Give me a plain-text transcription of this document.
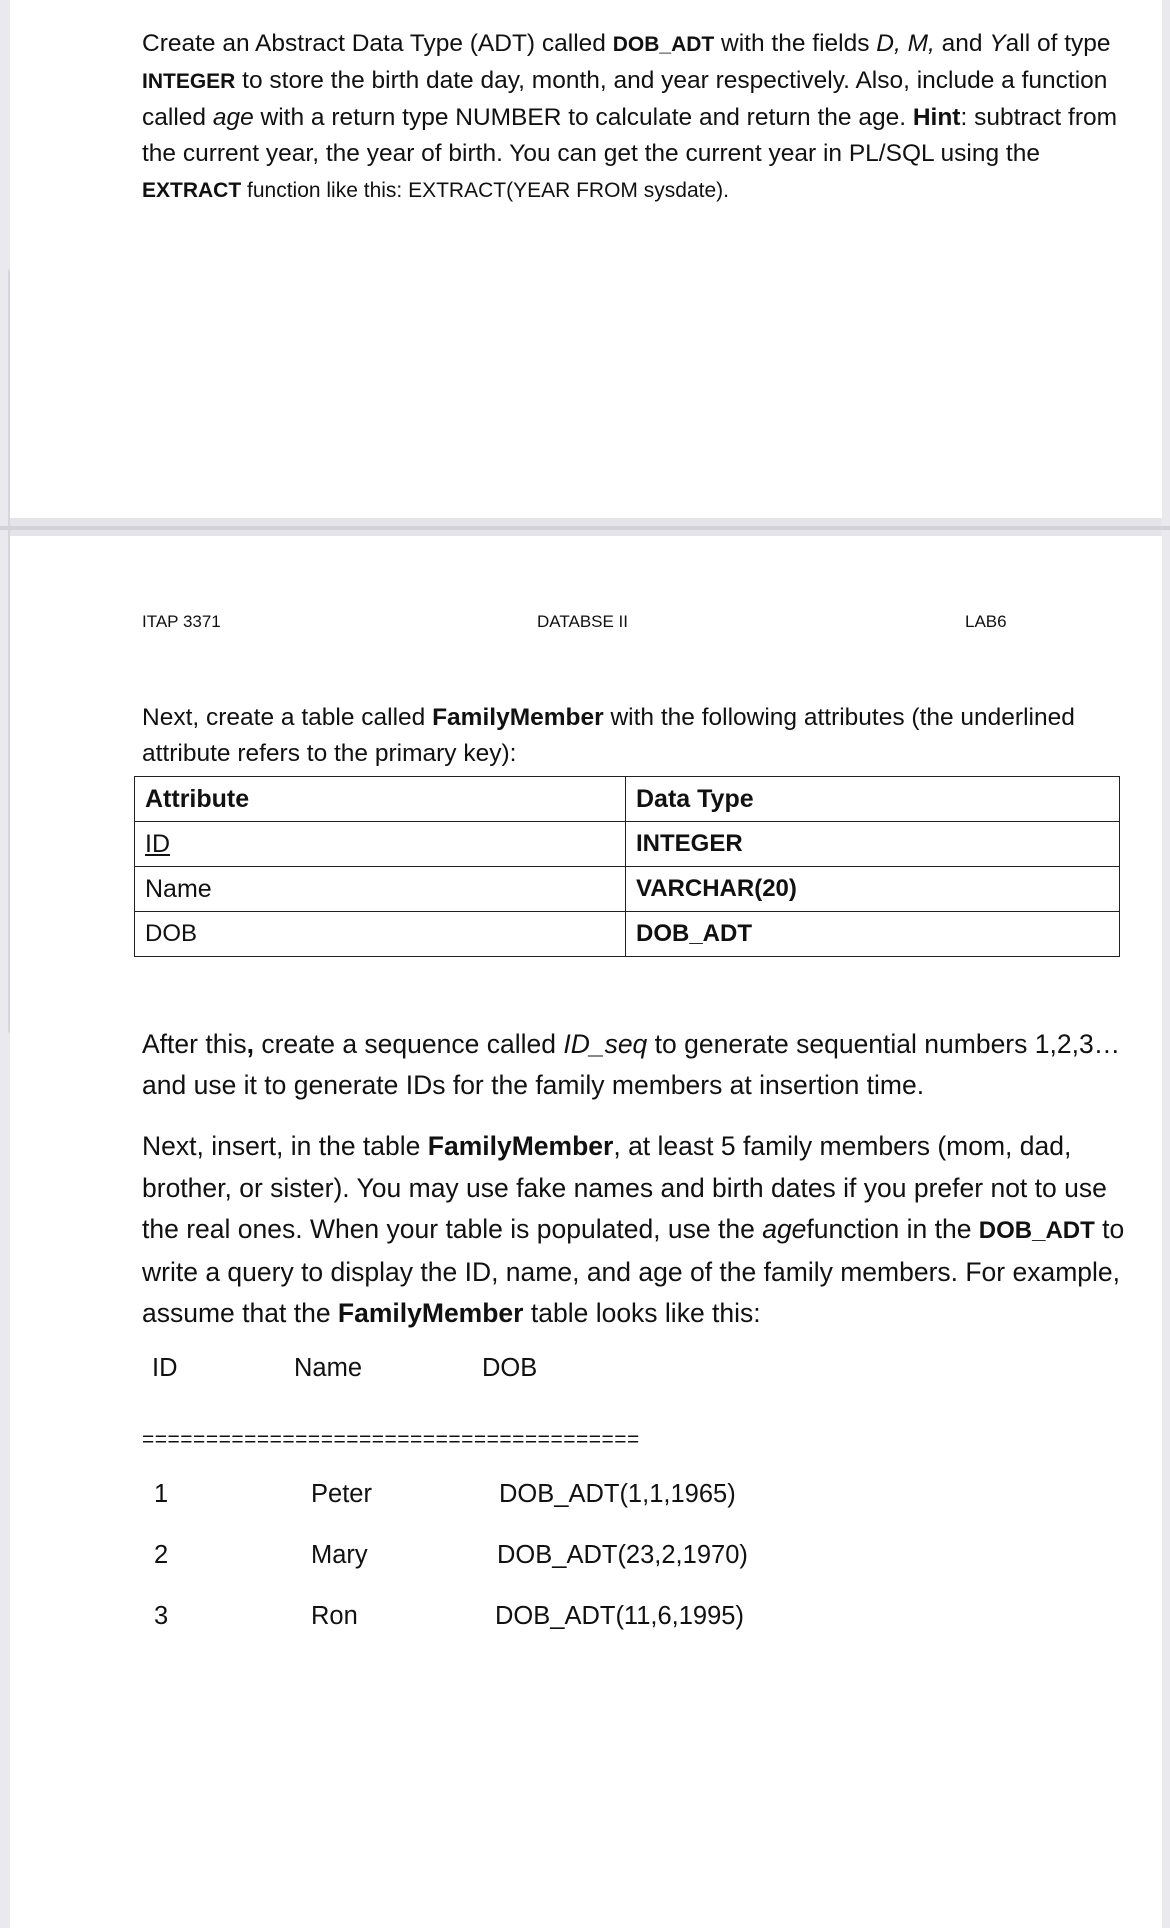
Create an Abstract Data Type (ADT) called DOB_ADT with the fields D, M, and Yall of type INTEGER to store the birth date day, month, and year respectively. Also, include a function called age with a return type NUMBER to calculate and return the age. Hint: subtract from the current year, the year of birth. You can get the current year in PL/SQL using the EXTRACT function like this: EXTRACT(YEAR FROM sysdate).

ITAP 3371	DATABSE II	LAB6

Next, create a table called FamilyMember with the following attributes (the underlined attribute refers to the primary key):

Attribute	Data Type
ID	INTEGER
Name	VARCHAR(20)
DOB	DOB_ADT

After this, create a sequence called ID_seq to generate sequential numbers 1,2,3… and use it to generate IDs for the family members at insertion time.

Next, insert, in the table FamilyMember, at least 5 family members (mom, dad, brother, or sister). You may use fake names and birth dates if you prefer not to use the real ones. When your table is populated, use the agefunction in the DOB_ADT to write a query to display the ID, name, and age of the family members. For example, assume that the FamilyMember table looks like this:

ID	Name	DOB
=======================================
1	Peter	DOB_ADT(1,1,1965)
2	Mary	DOB_ADT(23,2,1970)
3	Ron	DOB_ADT(11,6,1995)
